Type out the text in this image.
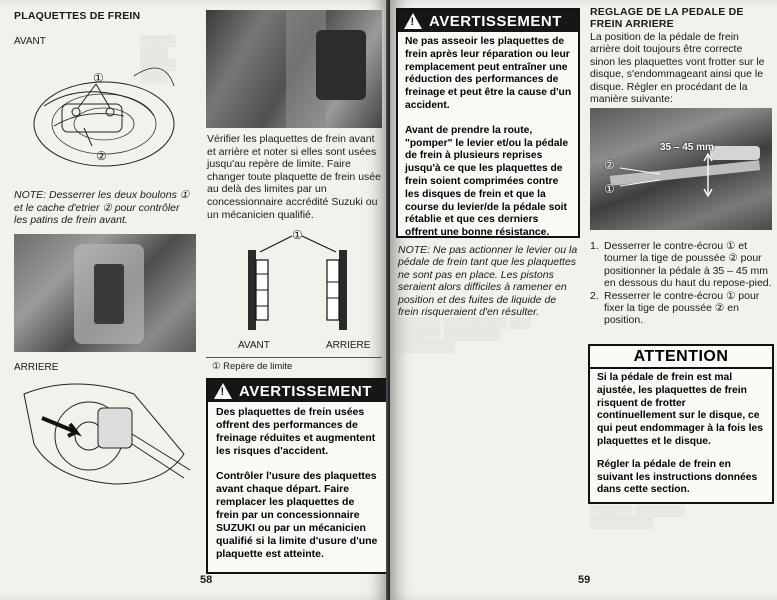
▒▒▒▒▒
▒▒▒▒
▒▒▒▒▒
▒▒▒▒
PLAQUETTES DE FREIN
AVANT
①
②
NOTE: Desserrer les deux boulons ① et le cache d'etrier ② pour contrôler les patins de frein avant.
ARRIERE
Vérifier les plaquettes de frein avant et arrière et noter si elles sont usées jusqu'au repère de limite. Faire changer toute plaquette de frein usée au delà des limites par un concessionnaire accrédité Suzuki ou un mécanicien qualifié.
①
AVANT	ARRIERE
① Repère de limite
!
AVERTISSEMENT

Des plaquettes de frein usées offrent des performances de freinage réduites et augmentent les risques d'accident.

Contrôler l'usure des plaquettes avant chaque départ. Faire remplacer les plaquettes de frein par un concessionnaire SUZUKI ou par un mécanicien qualifié si la limite d'usure d'une plaquette est atteinte.

58
!
AVERTISSEMENT

Ne pas asseoir les plaquettes de frein après leur réparation ou leur remplacement peut entraîner une réduction des performances de freinage et peut être la cause d'un accident.

Avant de prendre la route, "pomper" le levier et/ou la pédale de frein à plusieurs reprises jusqu'à ce que les plaquettes de frein soient comprimées contre les disques de frein et que la course du levier/de la pédale soit rétablie et que ces derniers offrent une bonne résistance.

NOTE: Ne pas actionner le levier ou la pédale de frein tant que les plaquettes ne sont pas en place. Les pistons seraient alors difficiles à ramener en position et des fuites de liquide de frein risqueraient d'en résulter.
▒▒▒▒▒▒ ▒▒▒▒▒▒▒▒▒ ▒▒▒
▒▒▒▒▒▒ ▒▒▒▒▒▒▒▒
▒▒▒▒▒▒▒▒
REGLAGE DE LA PEDALE DE FREIN ARRIERE
La position de la pédale de frein arrière doit toujours être correcte sinon les plaquettes vont frotter sur le disque, s'endommageant ainsi que le disque. Régler en procédant de la manière suivante:
35 – 45 mm
②
①
1. Desserrer le contre-écrou ① et tourner la tige de poussée ② pour positionner la pédale à 35 – 45 mm en dessous du haut du repose-pied.
2. Resserrer le contre-écrou ① pour fixer la tige de poussée ② en position.
ATTENTION

Si la pédale de frein est mal ajustée, les plaquettes de frein risquent de frotter continuellement sur le disque, ce qui peut endommager à la fois les plaquettes et le disque.

Régler la pédale de frein en suivant les instructions données dans cette section.

▒▒▒▒▒▒ ▒▒▒▒▒▒▒
▒▒▒▒▒▒▒▒▒
59
